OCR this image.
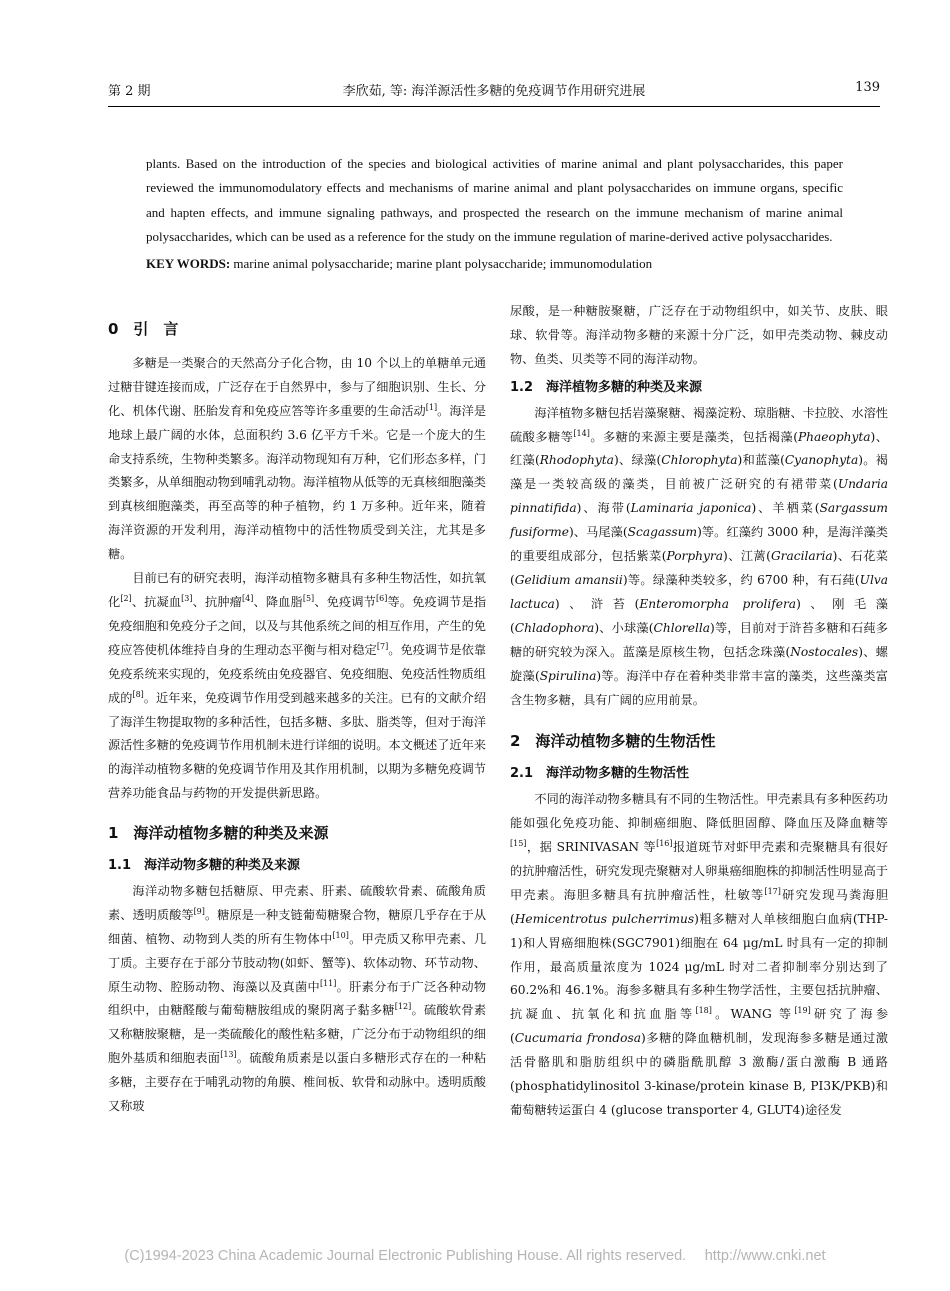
第 2 期	李欣茹, 等: 海洋源活性多糖的免疫调节作用研究进展	139

plants. Based on the introduction of the species and biological activities of marine animal and plant polysaccharides, this paper reviewed the immunomodulatory effects and mechanisms of marine animal and plant polysaccharides on immune organs, specific and hapten effects, and immune signaling pathways, and prospected the research on the immune mechanism of marine animal polysaccharides, which can be used as a reference for the study on the immune regulation of marine-derived active polysaccharides.

KEY WORDS: marine animal polysaccharide; marine plant polysaccharide; immunomodulation

0　引　言

多糖是一类聚合的天然高分子化合物，由 10 个以上的单糖单元通过糖苷键连接而成，广泛存在于自然界中，参与了细胞识别、生长、分化、机体代谢、胚胎发育和免疫应答等许多重要的生命活动[1]。海洋是地球上最广阔的水体，总面积约 3.6 亿平方千米。它是一个庞大的生命支持系统，生物种类繁多。海洋动物现知有万种，它们形态多样，门类繁多，从单细胞动物到哺乳动物。海洋植物从低等的无真核细胞藻类到真核细胞藻类，再至高等的种子植物，约 1 万多种。近年来，随着海洋资源的开发利用，海洋动植物中的活性物质受到关注，尤其是多糖。

目前已有的研究表明，海洋动植物多糖具有多种生物活性，如抗氧化[2]、抗凝血[3]、抗肿瘤[4]、降血脂[5]、免疫调节[6]等。免疫调节是指免疫细胞和免疫分子之间，以及与其他系统之间的相互作用，产生的免疫应答使机体维持自身的生理动态平衡与相对稳定[7]。免疫调节是依靠免疫系统来实现的，免疫系统由免疫器官、免疫细胞、免疫活性物质组成的[8]。近年来，免疫调节作用受到越来越多的关注。已有的文献介绍了海洋生物提取物的多种活性，包括多糖、多肽、脂类等，但对于海洋源活性多糖的免疫调节作用机制未进行详细的说明。本文概述了近年来的海洋动植物多糖的免疫调节作用及其作用机制，以期为多糖免疫调节营养功能食品与药物的开发提供新思路。

1　海洋动植物多糖的种类及来源
1.1　海洋动物多糖的种类及来源

海洋动物多糖包括糖原、甲壳素、肝素、硫酸软骨素、硫酸角质素、透明质酸等[9]。糖原是一种支链葡萄糖聚合物，糖原几乎存在于从细菌、植物、动物到人类的所有生物体中[10]。甲壳质又称甲壳素、几丁质。主要存在于部分节肢动物(如虾、蟹等)、软体动物、环节动物、原生动物、腔肠动物、海藻以及真菌中[11]。肝素分布于广泛各种动物组织中，由糖醛酸与葡萄糖胺组成的聚阴离子黏多糖[12]。硫酸软骨素又称糖胺聚糖，是一类硫酸化的酸性粘多糖，广泛分布于动物组织的细胞外基质和细胞表面[13]。硫酸角质素是以蛋白多糖形式存在的一种粘多糖，主要存在于哺乳动物的角膜、椎间板、软骨和动脉中。透明质酸又称玻

尿酸，是一种糖胺聚糖，广泛存在于动物组织中，如关节、皮肤、眼球、软骨等。海洋动物多糖的来源十分广泛，如甲壳类动物、棘皮动物、鱼类、贝类等不同的海洋动物。

1.2　海洋植物多糖的种类及来源

海洋植物多糖包括岩藻聚糖、褐藻淀粉、琼脂糖、卡拉胶、水溶性硫酸多糖等[14]。多糖的来源主要是藻类，包括褐藻(Phaeophyta)、红藻(Rhodophyta)、绿藻(Chlorophyta)和蓝藻(Cyanophyta)。褐藻是一类较高级的藻类，目前被广泛研究的有裙带菜(Undaria pinnatifida)、海带(Laminaria japonica)、羊栖菜(Sargassum fusiforme)、马尾藻(Scagassum)等。红藻约 3000 种，是海洋藻类的重要组成部分，包括紫菜(Porphyra)、江蓠(Gracilaria)、石花菜(Gelidium amansii)等。绿藻种类较多，约 6700 种，有石莼(Ulva lactuca)、浒苔(Enteromorpha prolifera)、刚毛藻(Chladophora)、小球藻(Chlorella)等，目前对于浒苔多糖和石莼多糖的研究较为深入。蓝藻是原核生物，包括念珠藻(Nostocales)、螺旋藻(Spirulina)等。海洋中存在着种类非常丰富的藻类，这些藻类富含生物多糖，具有广阔的应用前景。

2　海洋动植物多糖的生物活性
2.1　海洋动物多糖的生物活性

不同的海洋动物多糖具有不同的生物活性。甲壳素具有多种医药功能如强化免疫功能、抑制癌细胞、降低胆固醇、降血压及降血糖等[15]，据 SRINIVASAN 等[16]报道斑节对虾甲壳素和壳聚糖具有很好的抗肿瘤活性，研究发现壳聚糖对人卵巢癌细胞株的抑制活性明显高于甲壳素。海胆多糖具有抗肿瘤活性，杜敏等[17]研究发现马粪海胆(Hemicentrotus pulcherrimus)粗多糖对人单核细胞白血病(THP-1)和人胃癌细胞株(SGC7901)细胞在 64 μg/mL 时具有一定的抑制作用，最高质量浓度为 1024 μg/mL 时对二者抑制率分别达到了 60.2%和 46.1%。海参多糖具有多种生物学活性，主要包括抗肿瘤、抗凝血、抗氧化和抗血脂等[18]。WANG 等[19]研究了海参(Cucumaria frondosa)多糖的降血糖机制，发现海参多糖是通过激活骨骼肌和脂肪组织中的磷脂酰肌醇 3 激酶/蛋白激酶 B 通路(phosphatidylinositol 3-kinase/protein kinase B, PI3K/PKB)和葡萄糖转运蛋白 4 (glucose transporter 4, GLUT4)途径发

(C)1994-2023 China Academic Journal Electronic Publishing House. All rights reserved.　 http://www.cnki.net
